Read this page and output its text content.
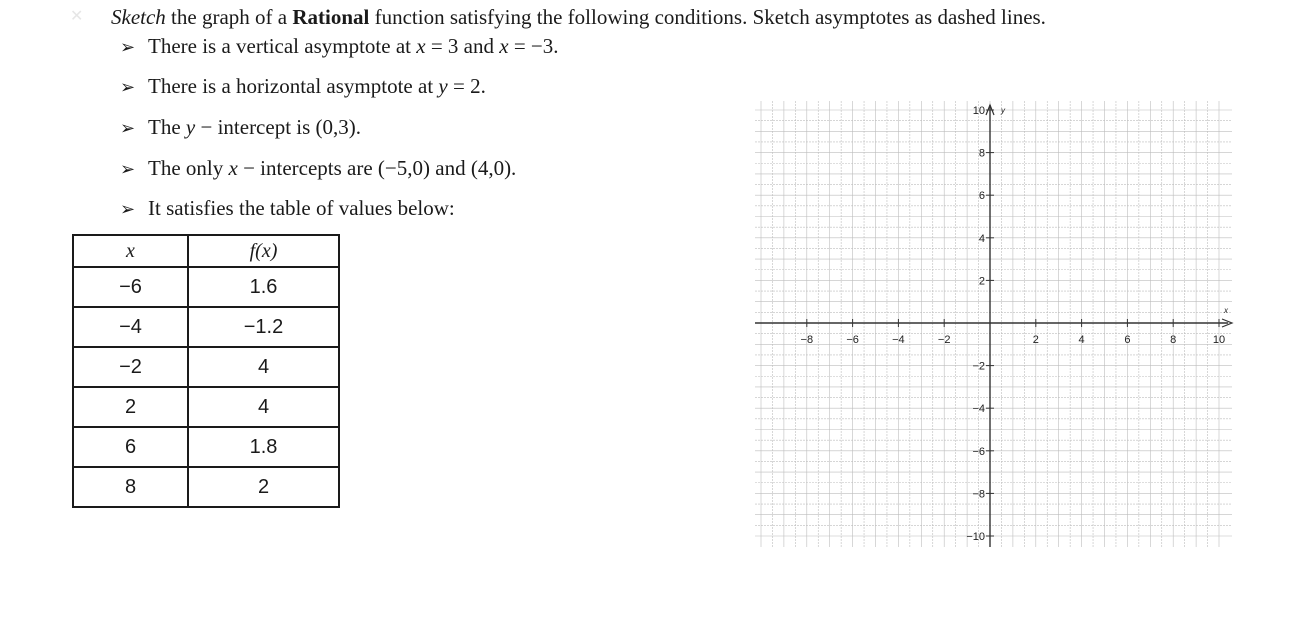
✕ Sketch the graph of a Rational function satisfying the following conditions. Sketch asymptotes as dashed lines.
➢ There is a vertical asymptote at x = 3 and x = −3.
➢ There is a horizontal asymptote at y = 2.
➢ The y − intercept is (0,3).
➢ The only x − intercepts are (−5,0) and (4,0).
➢ It satisfies the table of values below:
x	f(x)
−6	1.6
−4	−1.2
−2	4
2	4
6	1.8
8	2
−8	−6	−4	−2	2	4	6	8	10
10
8
6
4
2
−2
−4
−6
−8
−10
x
y
